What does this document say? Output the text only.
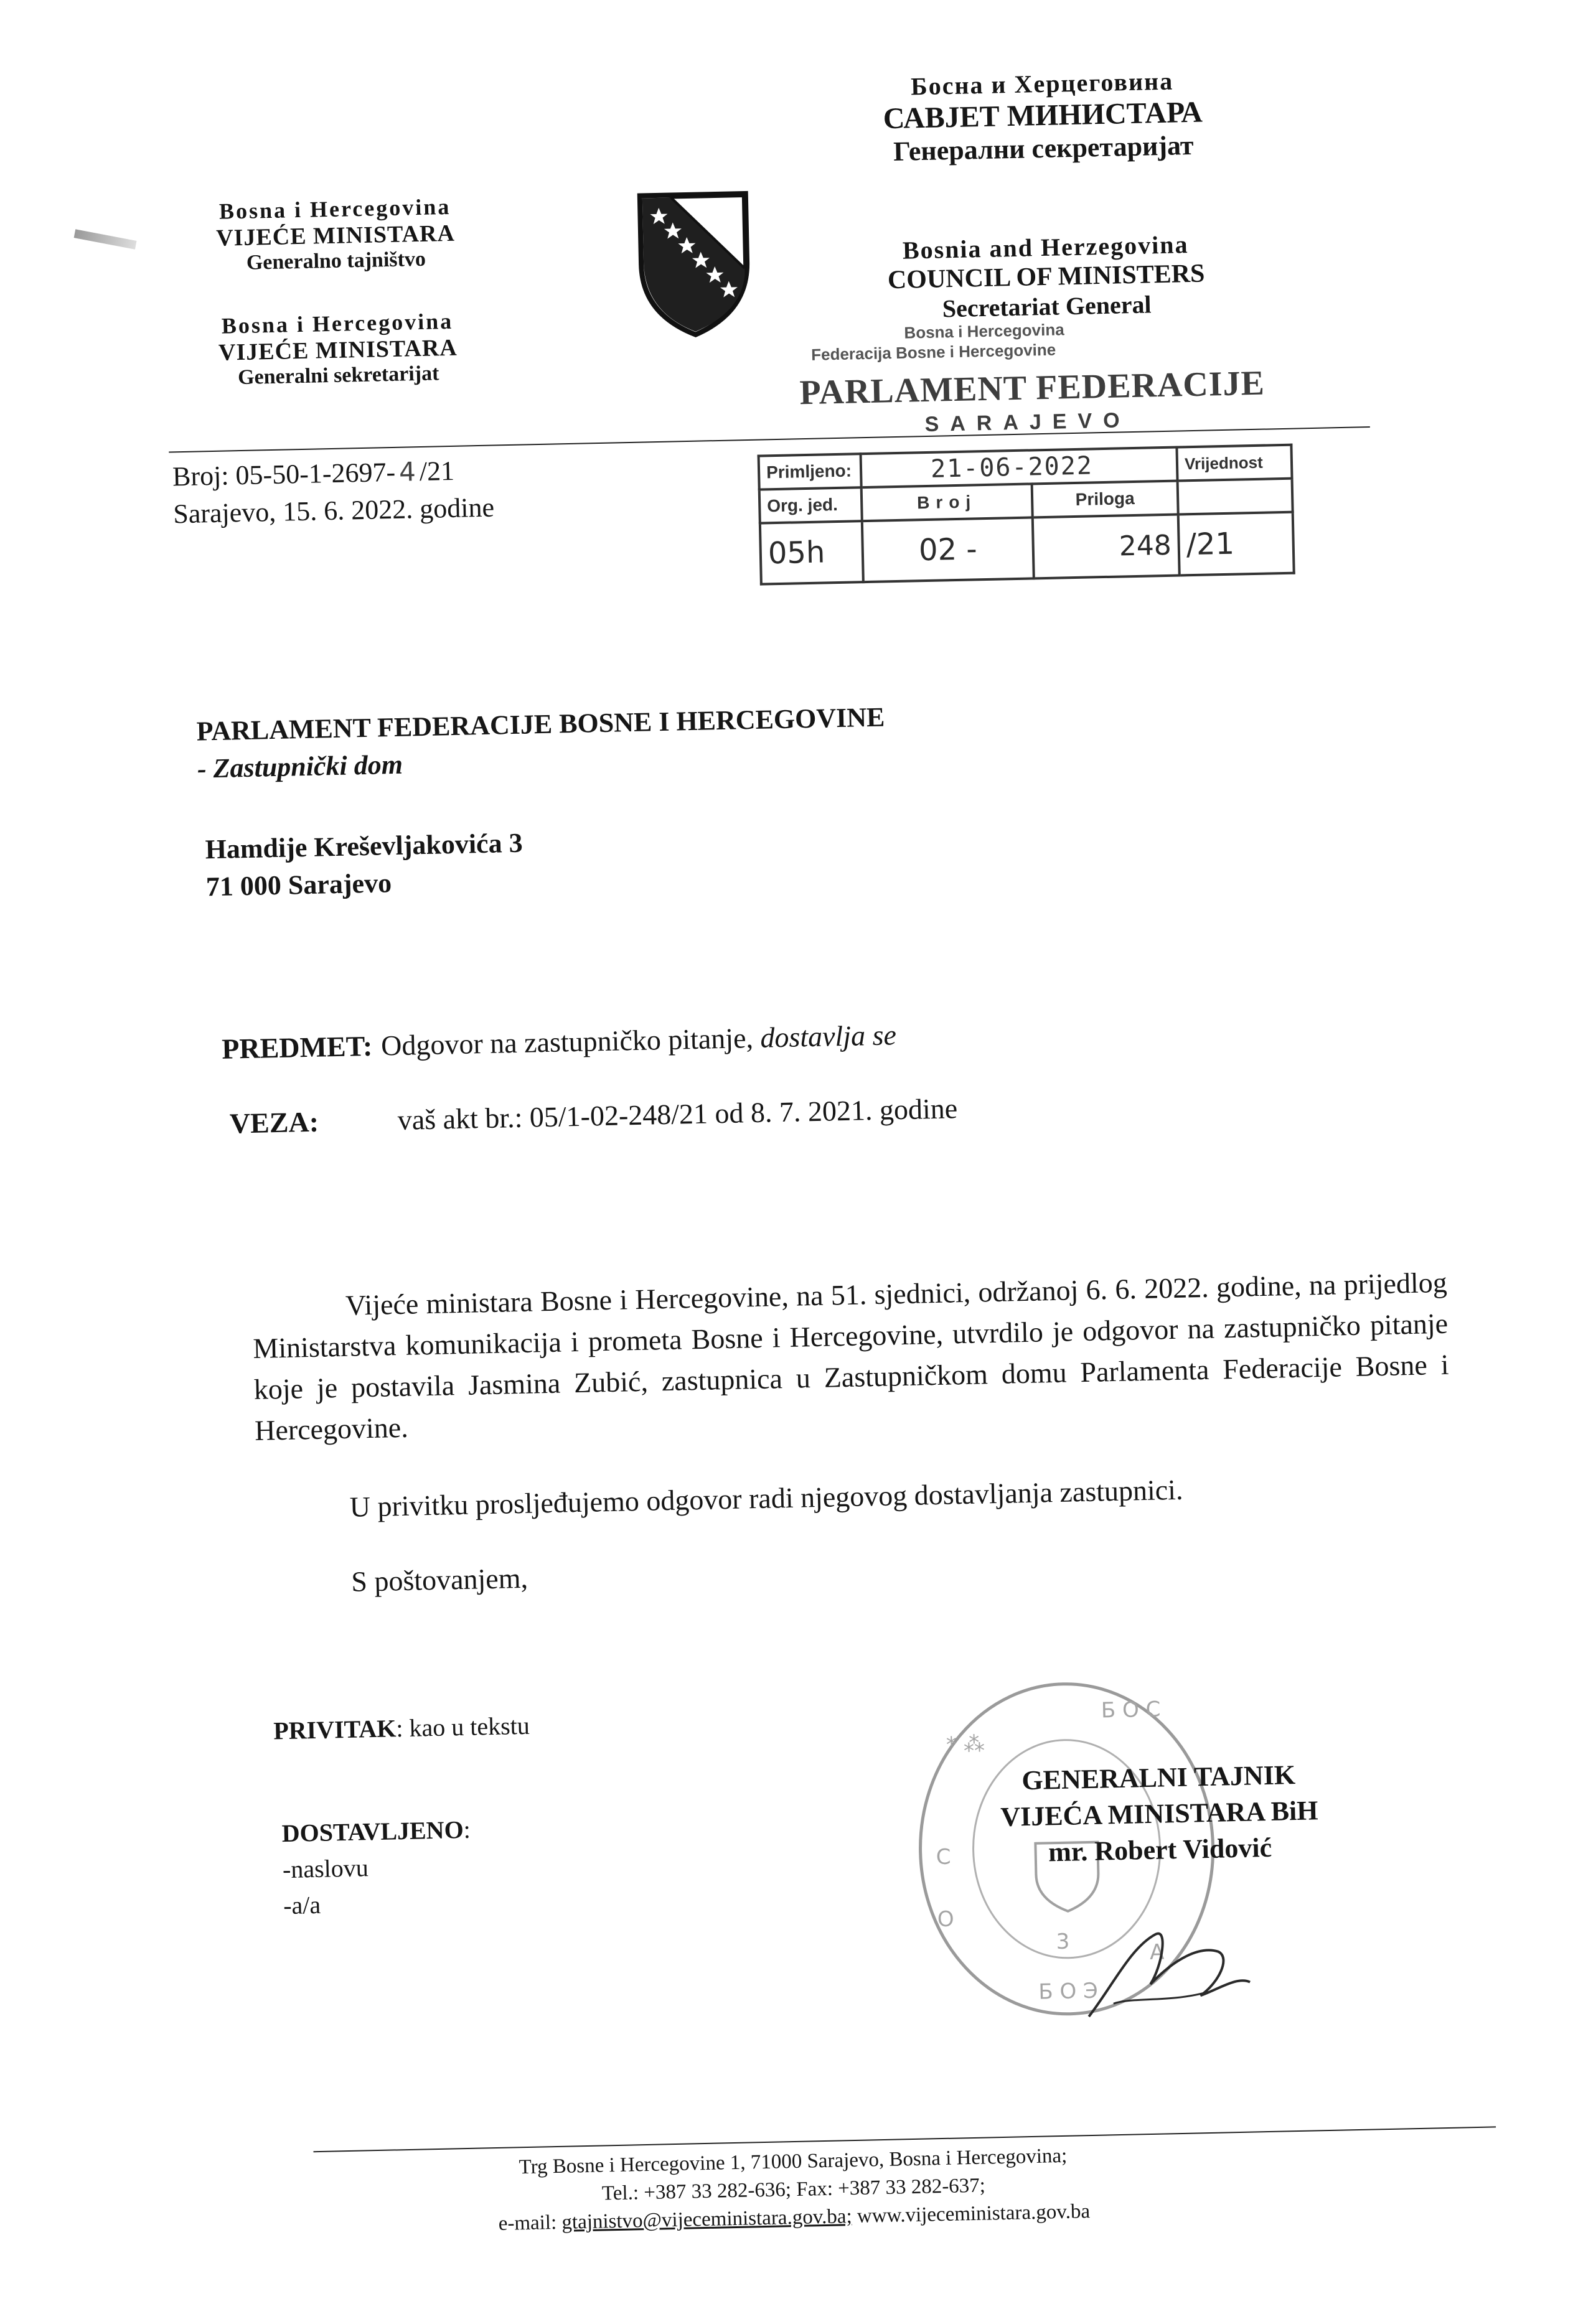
Bosna i Hercegovina
VIJEĆE MINISTARA
Generalno tajništvo
Bosna i Hercegovina
VIJEĆE MINISTARA
Generalni sekretarijat
Босна и Херцеговина
САВЈЕТ МИНИСТАРА
Генерални секретаријат
Bosnia and Herzegovina
COUNCIL OF MINISTERS
Secretariat General
Broj: 05-50-1-2697- 4 /21
Sarajevo, 15. 6. 2022. godine
Bosna i Hercegovina
Federacija Bosne i Hercegovine
PARLAMENT FEDERACIJE
SARAJEVO
Primljeno:	21-06-2022		Vrijednost
Org. jed.	Broj	Priloga	
05h	02 -	248	/21
PARLAMENT FEDERACIJE BOSNE I HERCEGOVINE
- Zastupnički dom
Hamdije Kreševljakovića 3
71 000 Sarajevo
PREDMET: Odgovor na zastupničko pitanje, dostavlja se
VEZA:	vaš akt br.: 05/1-02-248/21 od 8. 7. 2021. godine
Vijeće ministara Bosne i Hercegovine, na 51. sjednici, održanoj 6. 6. 2022. godine, na prijedlog Ministarstva komunikacija i prometa Bosne i Hercegovine, utvrdilo je odgovor na zastupničko pitanje koje je postavila Jasmina Zubić, zastupnica u Zastupničkom domu Parlamenta Federacije Bosne i Hercegovine.
U privitku prosljeđujemo odgovor radi njegovog dostavljanja zastupnici.
S poštovanjem,
PRIVITAK: kao u tekstu
DOSTAVLJENO:
-naslovu
-a/a
Б О С
* ⁂
С
О
Б О Э
А
3
GENERALNI TAJNIK
VIJEĆA MINISTARA BiH
mr. Robert Vidović
Trg Bosne i Hercegovine 1, 71000 Sarajevo, Bosna i Hercegovina;
Tel.: +387 33 282-636; Fax: +387 33 282-637;
e-mail: gtajnistvo@vijeceministara.gov.ba; www.vijeceministara.gov.ba
